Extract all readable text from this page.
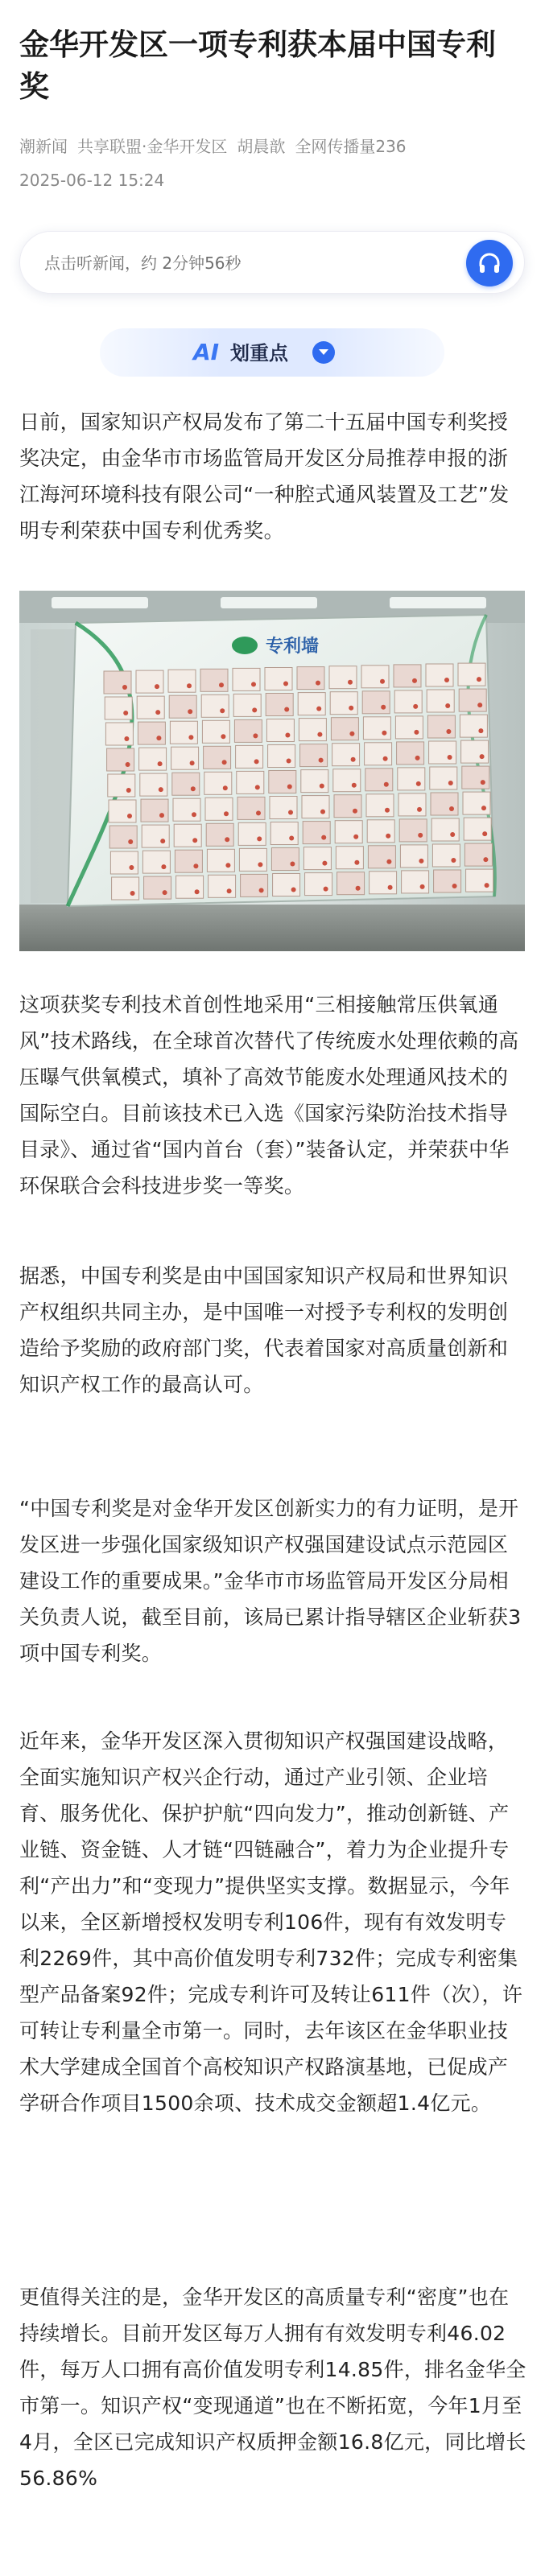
金华开发区一项专利获本届中国专利奖
潮新闻 共享联盟·金华开发区 胡晨歆 全网传播量236
2025-06-12 15:24
点击听新闻，约 2分钟56秒
AI 划重点

日前，国家知识产权局发布了第二十五届中国专利奖授奖决定，由金华市市场监管局开发区分局推荐申报的浙江海河环境科技有限公司“一种腔式通风装置及工艺”发明专利荣获中国专利优秀奖。

专利墙

这项获奖专利技术首创性地采用“三相接触常压供氧通风”技术路线，在全球首次替代了传统废水处理依赖的高压曝气供氧模式，填补了高效节能废水处理通风技术的国际空白。目前该技术已入选《国家污染防治技术指导目录》、通过省“国内首台（套）”装备认定，并荣获中华环保联合会科技进步奖一等奖。

据悉，中国专利奖是由中国国家知识产权局和世界知识产权组织共同主办，是中国唯一对授予专利权的发明创造给予奖励的政府部门奖，代表着国家对高质量创新和知识产权工作的最高认可。

“中国专利奖是对金华开发区创新实力的有力证明，是开发区进一步强化国家级知识产权强国建设试点示范园区建设工作的重要成果。”金华市市场监管局开发区分局相关负责人说，截至目前，该局已累计指导辖区企业斩获3项中国专利奖。

近年来，金华开发区深入贯彻知识产权强国建设战略，全面实施知识产权兴企行动，通过产业引领、企业培育、服务优化、保护护航“四向发力”，推动创新链、产业链、资金链、人才链“四链融合”，着力为企业提升专利“产出力”和“变现力”提供坚实支撑。数据显示，今年以来，全区新增授权发明专利106件，现有有效发明专利2269件，其中高价值发明专利732件；完成专利密集型产品备案92件；完成专利许可及转让611件（次），许可转让专利量全市第一。同时，去年该区在金华职业技术大学建成全国首个高校知识产权路演基地，已促成产学研合作项目1500余项、技术成交金额超1.4亿元。

更值得关注的是，金华开发区的高质量专利“密度”也在持续增长。目前开发区每万人拥有有效发明专利46.02件，每万人口拥有高价值发明专利14.85件，排名金华全市第一。知识产权“变现通道”也在不断拓宽，今年1月至4月，全区已完成知识产权质押金额16.8亿元，同比增长56.86%
